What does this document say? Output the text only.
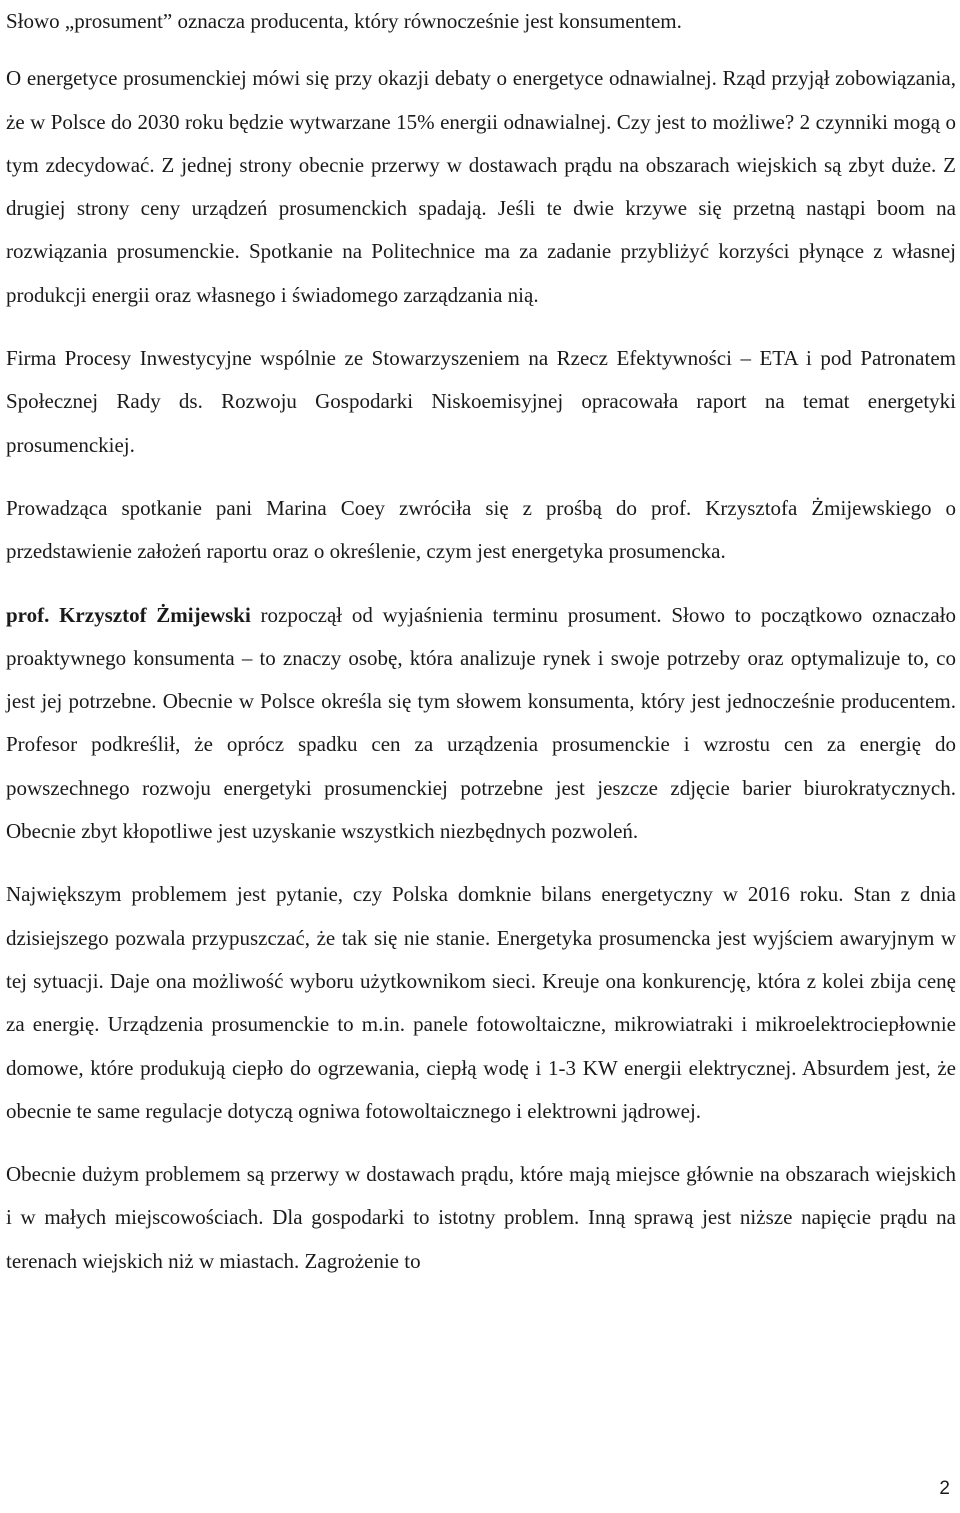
Słowo „prosument” oznacza producenta, który równocześnie jest konsumentem.

O energetyce prosumenckiej mówi się przy okazji debaty o energetyce odnawialnej. Rząd przyjął zobowiązania, że w Polsce do 2030 roku będzie wytwarzane 15% energii odnawialnej. Czy jest to możliwe? 2 czynniki mogą o tym zdecydować. Z jednej strony obecnie przerwy w dostawach prądu na obszarach wiejskich są zbyt duże. Z drugiej strony ceny urządzeń prosumenckich spadają. Jeśli te dwie krzywe się przetną nastąpi boom na rozwiązania prosumenckie. Spotkanie na Politechnice ma za zadanie przybliżyć korzyści płynące z własnej produkcji energii oraz własnego i świadomego zarządzania nią.

Firma Procesy Inwestycyjne wspólnie ze Stowarzyszeniem na Rzecz Efektywności – ETA i pod Patronatem Społecznej Rady ds. Rozwoju Gospodarki Niskoemisyjnej opracowała raport na temat energetyki prosumenckiej.

Prowadząca spotkanie pani Marina Coey zwróciła się z prośbą do prof. Krzysztofa Żmijewskiego o przedstawienie założeń raportu oraz o określenie, czym jest energetyka prosumencka.

prof. Krzysztof Żmijewski rozpoczął od wyjaśnienia terminu prosument. Słowo to początkowo oznaczało proaktywnego konsumenta – to znaczy osobę, która analizuje rynek i swoje potrzeby oraz optymalizuje to, co jest jej potrzebne. Obecnie w Polsce określa się tym słowem konsumenta, który jest jednocześnie producentem. Profesor podkreślił, że oprócz spadku cen za urządzenia prosumenckie i wzrostu cen za energię do powszechnego rozwoju energetyki prosumenckiej potrzebne jest jeszcze zdjęcie barier biurokratycznych. Obecnie zbyt kłopotliwe jest uzyskanie wszystkich niezbędnych pozwoleń.

Największym problemem jest pytanie, czy Polska domknie bilans energetyczny w 2016 roku. Stan z dnia dzisiejszego pozwala przypuszczać, że tak się nie stanie. Energetyka prosumencka jest wyjściem awaryjnym w tej sytuacji. Daje ona możliwość wyboru użytkownikom sieci. Kreuje ona konkurencję, która z kolei zbija cenę za energię. Urządzenia prosumenckie to m.in. panele fotowoltaiczne, mikrowiatraki i mikroelektrociepłownie domowe, które produkują ciepło do ogrzewania, ciepłą wodę i 1-3 KW energii elektrycznej. Absurdem jest, że obecnie te same regulacje dotyczą ogniwa fotowoltaicznego i elektrowni jądrowej.

Obecnie dużym problemem są przerwy w dostawach prądu, które mają miejsce głównie na obszarach wiejskich i w małych miejscowościach. Dla gospodarki to istotny problem. Inną sprawą jest niższe napięcie prądu na terenach wiejskich niż w miastach. Zagrożenie to

2
